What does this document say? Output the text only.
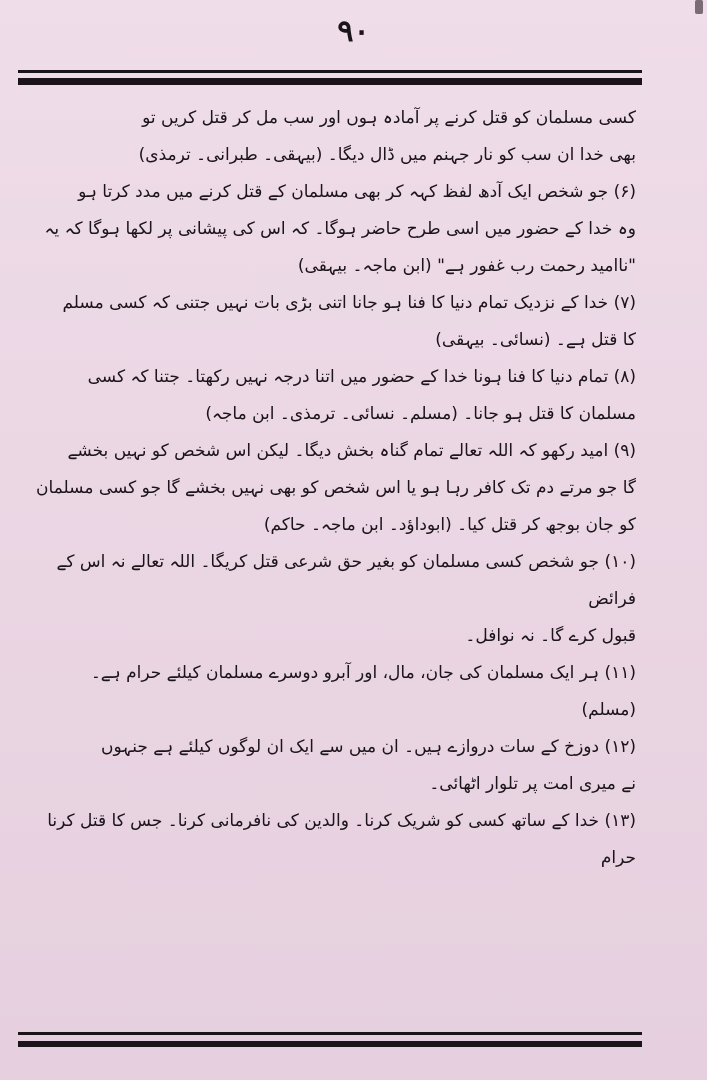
۹۰

کسی مسلمان کو قتل کرنے پر آمادہ ہوں اور سب مل کر قتل کریں تو

بھی خدا ان سب کو نار جہنم میں ڈال دیگا۔ (بیہقی۔ طبرانی۔ ترمذی)

(۶) جو شخص ایک آدھ لفظ کہہ کر بھی مسلمان کے قتل کرنے میں مدد کرتا ہو

وہ خدا کے حضور میں اسی طرح حاضر ہوگا۔ کہ اس کی پیشانی پر لکھا ہوگا کہ یہ

"ناامید رحمت رب غفور ہے" (ابن ماجہ۔ بیہقی)

(۷) خدا کے نزدیک تمام دنیا کا فنا ہو جانا اتنی بڑی بات نہیں جتنی کہ کسی مسلم

کا قتل ہے۔ (نسائی۔ بیہقی)

(۸) تمام دنیا کا فنا ہونا خدا کے حضور میں اتنا درجہ نہیں رکھتا۔ جتنا کہ کسی

مسلمان کا قتل ہو جانا۔ (مسلم۔ نسائی۔ ترمذی۔ ابن ماجہ)

(۹) امید رکھو کہ اللہ تعالے تمام گناہ بخش دیگا۔ لیکن اس شخص کو نہیں بخشے

گا جو مرتے دم تک کافر رہا ہو یا اس شخص کو بھی نہیں بخشے گا جو کسی مسلمان

کو جان بوجھ کر قتل کیا۔ (ابوداؤد۔ ابن ماجہ۔ حاکم)

(۱۰) جو شخص کسی مسلمان کو بغیر حق شرعی قتل کریگا۔ اللہ تعالے نہ اس کے فرائض

قبول کرے گا۔ نہ نوافل۔

(۱۱) ہر ایک مسلمان کی جان، مال، اور آبرو دوسرے مسلمان کیلئے حرام ہے۔ (مسلم)

(۱۲) دوزخ کے سات دروازے ہیں۔ ان میں سے ایک ان لوگوں کیلئے ہے جنہوں

نے میری امت پر تلوار اٹھائی۔

(۱۳) خدا کے ساتھ کسی کو شریک کرنا۔ والدین کی نافرمانی کرنا۔ جس کا قتل کرنا حرام
